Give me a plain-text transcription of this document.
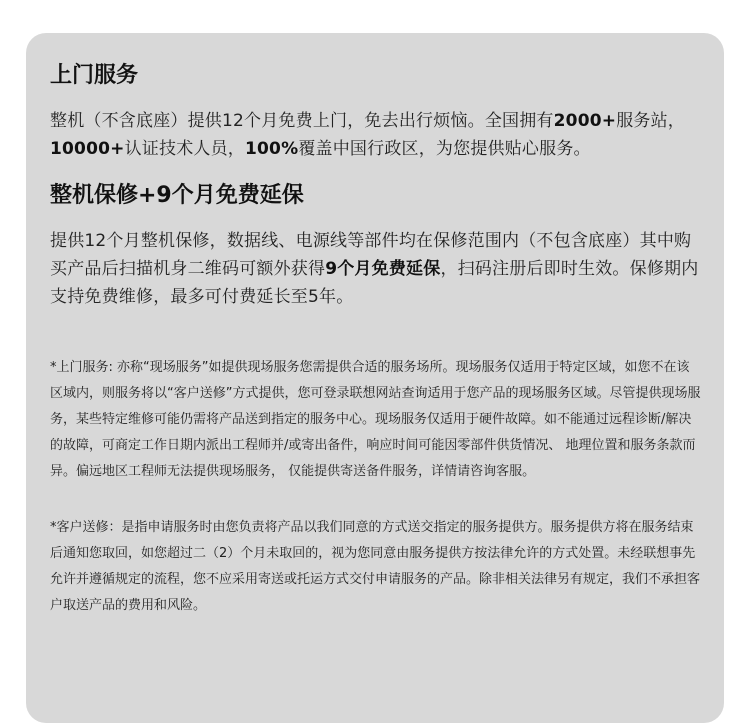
上门服务

整机（不含底座）提供12个月免费上门，免去出行烦恼。全国拥有2000+服务站，10000+认证技术人员，100%覆盖中国行政区，为您提供贴心服务。

整机保修+9个月免费延保

提供12个月整机保修，数据线、电源线等部件均在保修范围内（不包含底座）其中购买产品后扫描机身二维码可额外获得9个月免费延保，扫码注册后即时生效。保修期内支持免费维修，最多可付费延长至5年。

*上门服务: 亦称“现场服务”如提供现场服务您需提供合适的服务场所。现场服务仅适用于特定区域，如您不在该区域内，则服务将以“客户送修”方式提供，您可登录联想网站查询适用于您产品的现场服务区域。尽管提供现场服务，某些特定维修可能仍需将产品送到指定的服务中心。现场服务仅适用于硬件故障。如不能通过远程诊断/解决的故障，可商定工作日期内派出工程师并/或寄出备件，响应时间可能因零部件供货情况、 地理位置和服务条款而异。偏远地区工程师无法提供现场服务， 仅能提供寄送备件服务，详情请咨询客服。

*客户送修：是指申请服务时由您负责将产品以我们同意的方式送交指定的服务提供方。服务提供方将在服务结束后通知您取回，如您超过二（2）个月未取回的，视为您同意由服务提供方按法律允许的方式处置。未经联想事先允许并遵循规定的流程，您不应采用寄送或托运方式交付申请服务的产品。除非相关法律另有规定，我们不承担客户取送产品的费用和风险。
